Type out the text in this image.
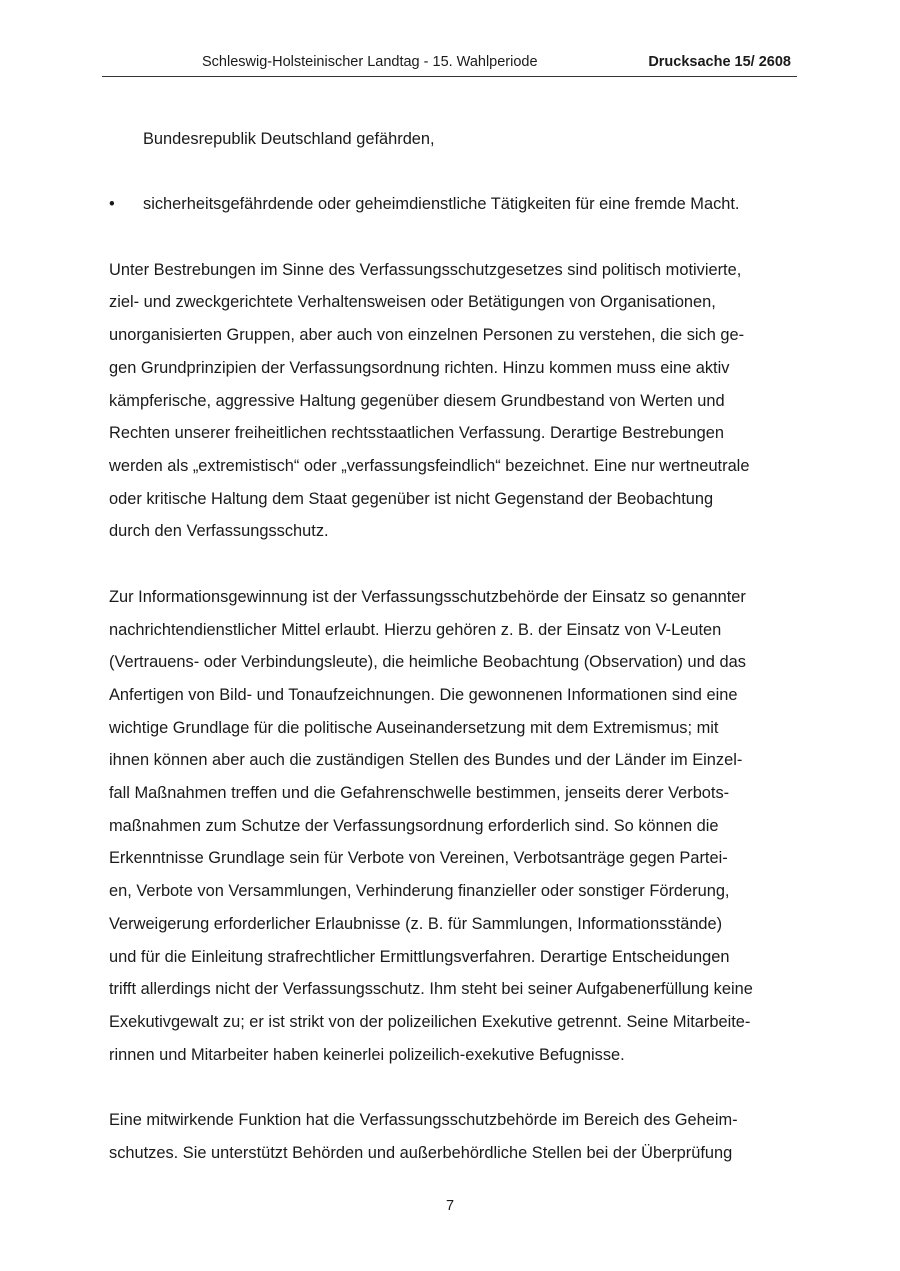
Schleswig-Holsteinischer Landtag - 15. Wahlperiode	Drucksache 15/ 2608
Bundesrepublik Deutschland gefährden,
• sicherheitsgefährdende oder geheimdienstliche Tätigkeiten für eine fremde Macht.
Unter Bestrebungen im Sinne des Verfassungsschutzgesetzes sind politisch motivierte,
ziel- und zweckgerichtete Verhaltensweisen oder Betätigungen von Organisationen,
unorganisierten Gruppen, aber auch von einzelnen Personen zu verstehen, die sich ge-
gen Grundprinzipien der Verfassungsordnung richten. Hinzu kommen muss eine aktiv
kämpferische, aggressive Haltung gegenüber diesem Grundbestand von Werten und
Rechten unserer freiheitlichen rechtsstaatlichen Verfassung. Derartige Bestrebungen
werden als „extremistisch“ oder „verfassungsfeindlich“ bezeichnet. Eine nur wertneutrale
oder kritische Haltung dem Staat gegenüber ist nicht Gegenstand der Beobachtung
durch den Verfassungsschutz.
Zur Informationsgewinnung ist der Verfassungsschutzbehörde der Einsatz so genannter
nachrichtendienstlicher Mittel erlaubt. Hierzu gehören z. B. der Einsatz von V-Leuten
(Vertrauens- oder Verbindungsleute), die heimliche Beobachtung (Observation) und das
Anfertigen von Bild- und Tonaufzeichnungen. Die gewonnenen Informationen sind eine
wichtige Grundlage für die politische Auseinandersetzung mit dem Extremismus; mit
ihnen können aber auch die zuständigen Stellen des Bundes und der Länder im Einzel-
fall Maßnahmen treffen und die Gefahrenschwelle bestimmen, jenseits derer Verbots-
maßnahmen zum Schutze der Verfassungsordnung erforderlich sind. So können die
Erkenntnisse Grundlage sein für Verbote von Vereinen, Verbotsanträge gegen Partei-
en, Verbote von Versammlungen, Verhinderung finanzieller oder sonstiger Förderung,
Verweigerung erforderlicher Erlaubnisse (z. B. für Sammlungen, Informationsstände)
und für die Einleitung strafrechtlicher Ermittlungsverfahren. Derartige Entscheidungen
trifft allerdings nicht der Verfassungsschutz. Ihm steht bei seiner Aufgabenerfüllung keine
Exekutivgewalt zu; er ist strikt von der polizeilichen Exekutive getrennt. Seine Mitarbeite-
rinnen und Mitarbeiter haben keinerlei polizeilich-exekutive Befugnisse.
Eine mitwirkende Funktion hat die Verfassungsschutzbehörde im Bereich des Geheim-
schutzes. Sie unterstützt Behörden und außerbehördliche Stellen bei der Überprüfung
7
